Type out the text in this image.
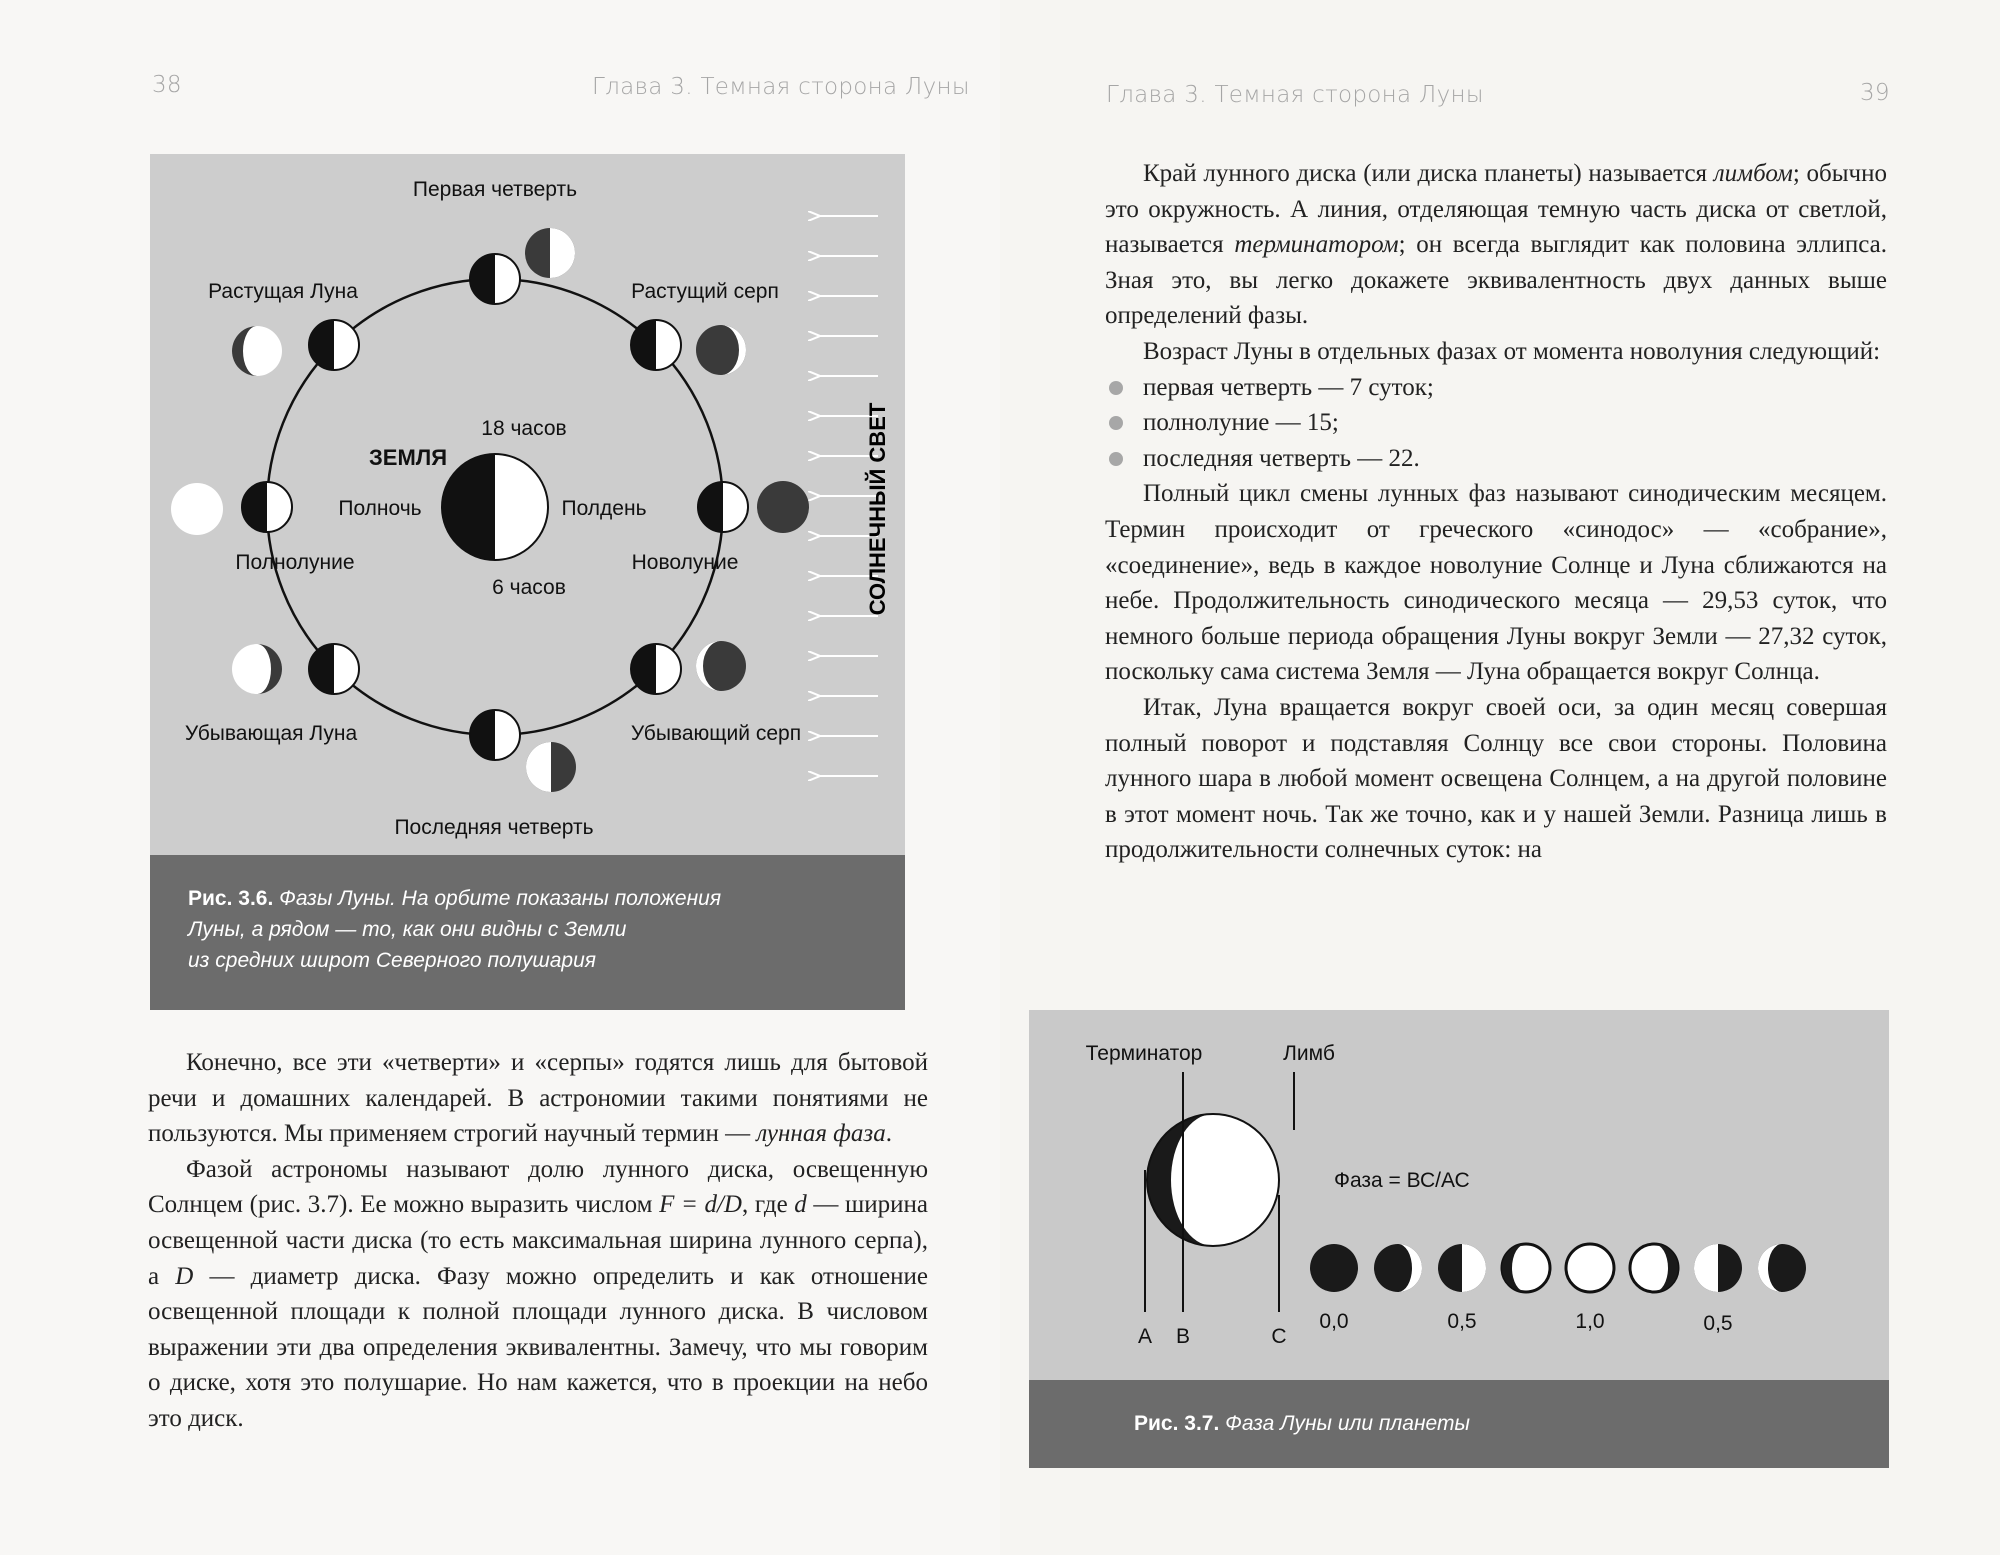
38	Глава 3. Темная сторона Луны
СОЛНЕЧНЫЙ СВЕТ
Первая четверть
Растущая Луна	Растущий серп
ЗЕМЛЯ
18 часов
Полночь	Полдень
Полнолуние	Новолуние
6 часов
Убывающая Луна	Убывающий серп
Последняя четверть
Рис. 3.6. Фазы Луны. На орбите показаны положения
Луны, а рядом — то, как они видны с Земли
из средних широт Северного полушария

Конечно, все эти «четверти» и «серпы» годятся лишь для бытовой речи и домашних календарей. В астрономии такими понятиями не пользуются. Мы применяем строгий научный термин — лунная фаза.

Фазой астрономы называют долю лунного диска, освещенную Солнцем (рис. 3.7). Ее можно выразить числом F = d/D, где d — ширина освещенной части диска (то есть максимальная ширина лунного серпа), а D — диаметр диска. Фазу можно определить и как отношение освещенной площади к полной площади лунного диска. В числовом выражении эти два определения эквивалентны. Замечу, что мы говорим о диске, хотя это полушарие. Но нам кажется, что в проекции на небо это диск.

Глава 3. Темная сторона Луны	39

Край лунного диска (или диска планеты) называется лимбом; обычно это окружность. А линия, отделяющая темную часть диска от светлой, называется терминатором; он всегда выглядит как половина эллипса. Зная это, вы легко докажете эквивалентность двух данных выше определений фазы.

Возраст Луны в отдельных фазах от момента новолуния следующий:

первая четверть — 7 суток;
полнолуние — 15;
последняя четверть — 22.

Полный цикл смены лунных фаз называют синодическим месяцем. Термин происходит от греческого «синодос» — «собрание», «соединение», ведь в каждое новолуние Солнце и Луна сближаются на небе. Продолжительность синодического месяца — 29,53 суток, что немного больше периода обращения Луны вокруг Земли — 27,32 суток, поскольку сама система Земля — Луна обращается вокруг Солнца.

Итак, Луна вращается вокруг своей оси, за один месяц совершая полный поворот и подставляя Солнцу все свои стороны. Половина лунного шара в любой момент освещена Солнцем, а на другой половине в этот момент ночь. Так же точно, как и у нашей Земли. Разница лишь в продолжительности солнечных суток: на

Терминатор	Лимб
А В	С
Фаза = ВС/АС
0,0	0,5	1,0	0,5
Рис. 3.7. Фаза Луны или планеты
